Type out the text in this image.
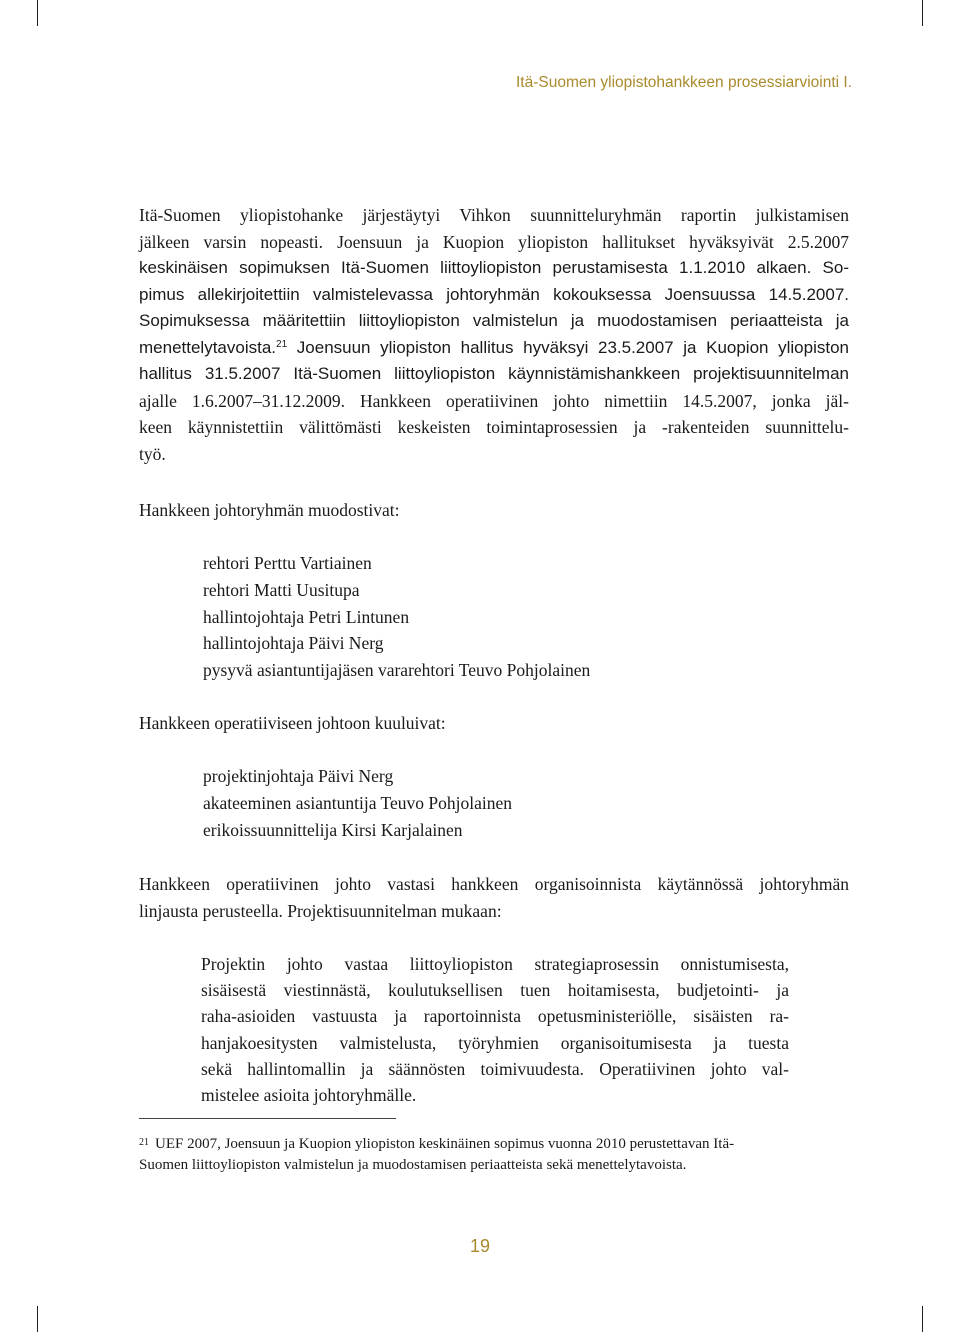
Itä-Suomen yliopistohankkeen prosessiarviointi I.
Itä-Suomen yliopistohanke järjestäytyi Vihkon suunnitteluryhmän raportin julkistamisen
jälkeen varsin nopeasti. Joensuun ja Kuopion yliopiston hallitukset hyväksyivät 2.5.2007
keskinäisen sopimuksen Itä-Suomen liittoyliopiston perustamisesta 1.1.2010 alkaen. So-
pimus allekirjoitettiin valmistelevassa johtoryhmän kokouksessa Joensuussa 14.5.2007.
Sopimuksessa määritettiin liittoyliopiston valmistelun ja muodostamisen periaatteista ja
menettelytavoista.$^{21}$ Joensuun yliopiston hallitus hyväksyi 23.5.2007 ja Kuopion yliopiston
hallitus 31.5.2007 Itä-Suomen liittoyliopiston käynnistämishankkeen projektisuunnitelman
ajalle 1.6.2007–31.12.2009. Hankkeen operatiivinen johto nimettiin 14.5.2007, jonka jäl-
keen käynnistettiin välittömästi keskeisten toimintaprosessien ja -rakenteiden suunnittelu-
työ.

Hankkeen johtoryhmän muodostivat:

rehtori Perttu Vartiainen
rehtori Matti Uusitupa
hallintojohtaja Petri Lintunen
hallintojohtaja Päivi Nerg
pysyvä asiantuntijajäsen vararehtori Teuvo Pohjolainen

Hankkeen operatiiviseen johtoon kuuluivat:

projektinjohtaja Päivi Nerg
akateeminen asiantuntija Teuvo Pohjolainen
erikoissuunnittelija Kirsi Karjalainen
Hankkeen operatiivinen johto vastasi hankkeen organisoinnista käytännössä johtoryhmän
linjausta perusteella. Projektisuunnitelman mukaan:
Projektin johto vastaa liittoyliopiston strategiaprosessin onnistumisesta,
sisäisestä viestinnästä, koulutuksellisen tuen hoitamisesta, budjetointi- ja
raha-asioiden vastuusta ja raportoinnista opetusministeriölle, sisäisten ra-
hanjakoesitysten valmistelusta, työryhmien organisoitumisesta ja tuesta
sekä hallintomallin ja säännösten toimivuudesta. Operatiivinen johto val-
mistelee asioita johtoryhmälle.
$^{21}$ UEF 2007, Joensuun ja Kuopion yliopiston keskinäinen sopimus vuonna 2010 perustettavan Itä-
Suomen liittoyliopiston valmistelun ja muodostamisen periaatteista sekä menettelytavoista.
19
